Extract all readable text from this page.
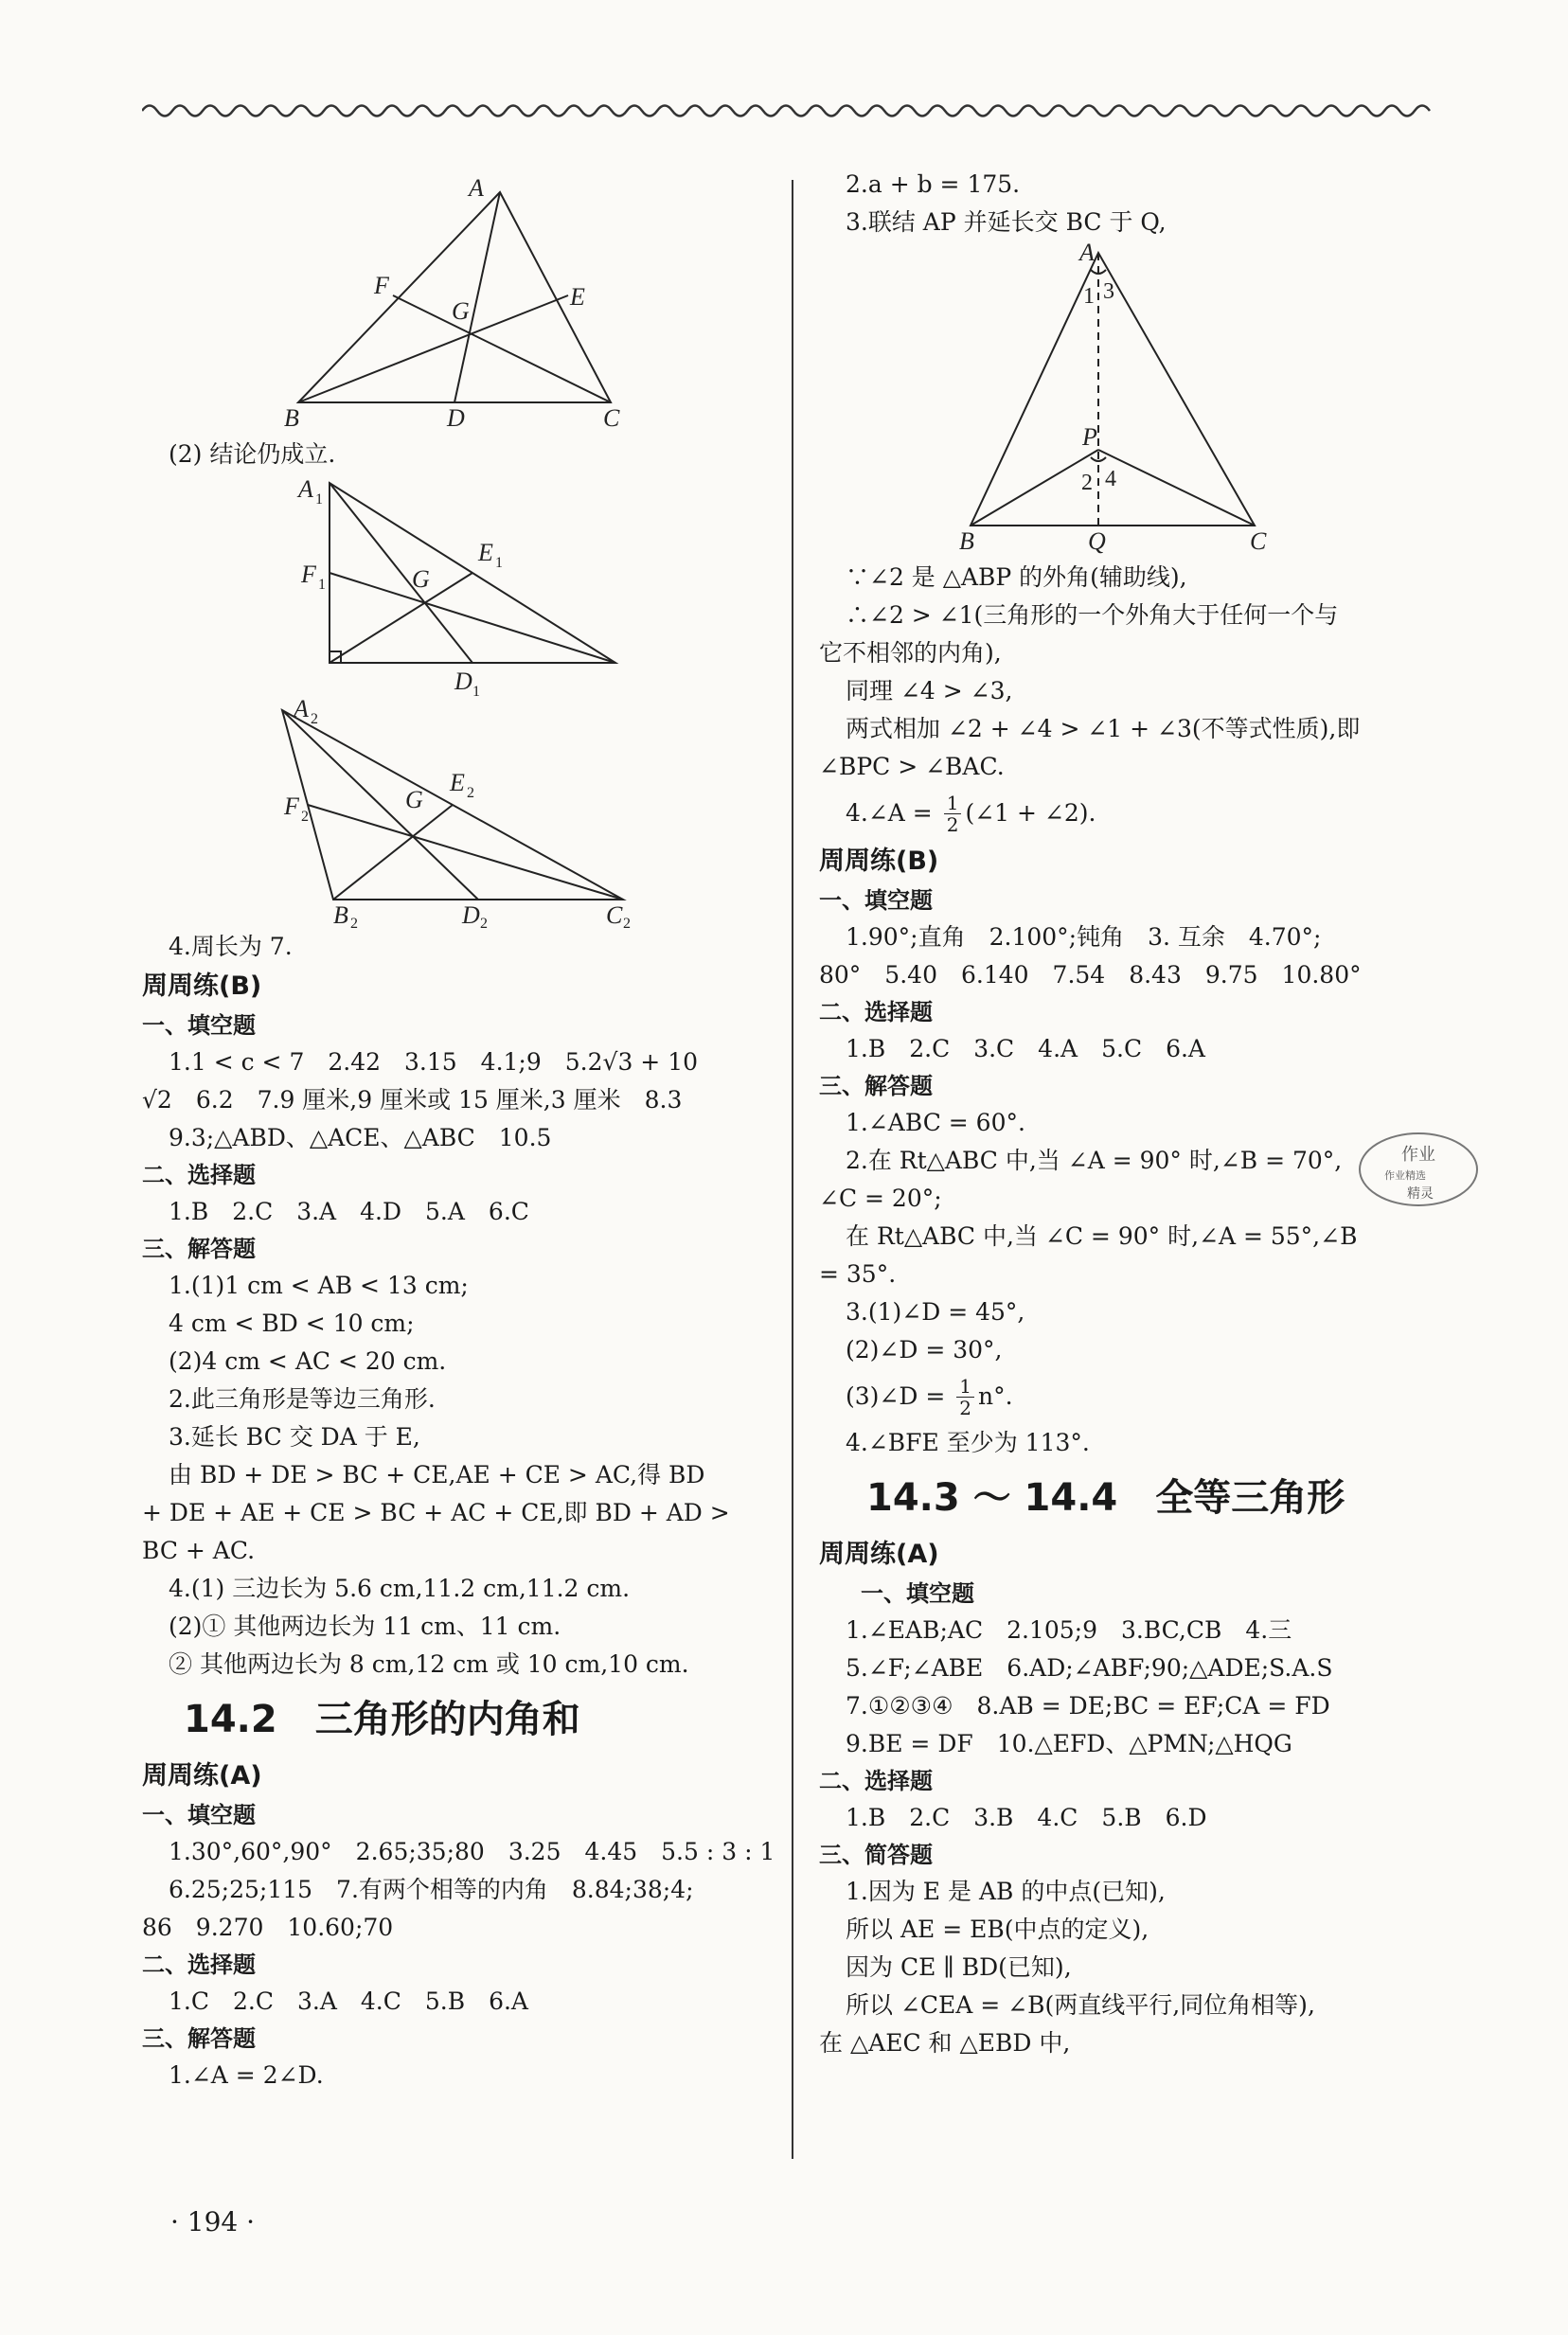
A
B	C
D
E
F
G
(2) 结论仍成立.
A
F
E
G
D
1
1
1
1
A
F
E
G
B	D	C
2
2
2
2	2	2
4.周长为 7.
周周练(B)
一、填空题
1.1 < c < 7　2.42　3.15　4.1;9　5.2√3 + 10
√2　6.2　7.9 厘米,9 厘米或 15 厘米,3 厘米　8.3
9.3;△ABD、△ACE、△ABC　10.5
二、选择题
1.B　2.C　3.A　4.D　5.A　6.C
三、解答题
1.(1)1 cm < AB < 13 cm;
4 cm < BD < 10 cm;
(2)4 cm < AC < 20 cm.
2.此三角形是等边三角形.
3.延长 BC 交 DA 于 E,
由 BD + DE > BC + CE,AE + CE > AC,得 BD
+ DE + AE + CE > BC + AC + CE,即 BD + AD >
BC + AC.
4.(1) 三边长为 5.6 cm,11.2 cm,11.2 cm.
(2)① 其他两边长为 11 cm、11 cm.
② 其他两边长为 8 cm,12 cm 或 10 cm,10 cm.
14.2　三角形的内角和
周周练(A)
一、填空题
1.30°,60°,90°　2.65;35;80　3.25　4.45　5.5 : 3 : 1
6.25;25;115　7.有两个相等的内角　8.84;38;4;
86　9.270　10.60;70
二、选择题
1.C　2.C　3.A　4.C　5.B　6.A
三、解答题
1.∠A = 2∠D.
2.a + b = 175.
3.联结 AP 并延长交 BC 于 Q,
A
B	C
P
Q
1 3
2 4
∵∠2 是 △ABP 的外角(辅助线),
∴∠2 > ∠1(三角形的一个外角大于任何一个与
它不相邻的内角),
同理 ∠4 > ∠3,
两式相加 ∠2 + ∠4 > ∠1 + ∠3(不等式性质),即
∠BPC > ∠BAC.
4.∠A = $\frac{1}{2}$ (∠1 + ∠2).
周周练(B)
一、填空题
1.90°;直角　2.100°;钝角　3. 互余　4.70°;
80°　5.40　6.140　7.54　8.43　9.75　10.80°
二、选择题
1.B　2.C　3.C　4.A　5.C　6.A
三、解答题
1.∠ABC = 60°.
2.在 Rt△ABC 中,当 ∠A = 90° 时,∠B = 70°,
∠C = 20°;
在 Rt△ABC 中,当 ∠C = 90° 时,∠A = 55°,∠B
= 35°.
3.(1)∠D = 45°,
(2)∠D = 30°,
(3)∠D = $\frac{1}{2} n^\circ$.
4.∠BFE 至少为 113°.
14.3 ～ 14.4　全等三角形
周周练(A)
一、填空题
1.∠EAB;AC　2.105;9　3.BC,CB　4.三
5.∠F;∠ABE　6.AD;∠ABF;90;△ADE;S.A.S
7.①②③④　8.AB = DE;BC = EF;CA = FD
9.BE = DF　10.△EFD、△PMN;△HQG
二、选择题
1.B　2.C　3.B　4.C　5.B　6.D
三、简答题
1.因为 E 是 AB 的中点(已知),
所以 AE = EB(中点的定义),
因为 CE ∥ BD(已知),
所以 ∠CEA = ∠B(两直线平行,同位角相等),
在 △AEC 和 △EBD 中,
作业
作业精选
精灵
· 194 ·
